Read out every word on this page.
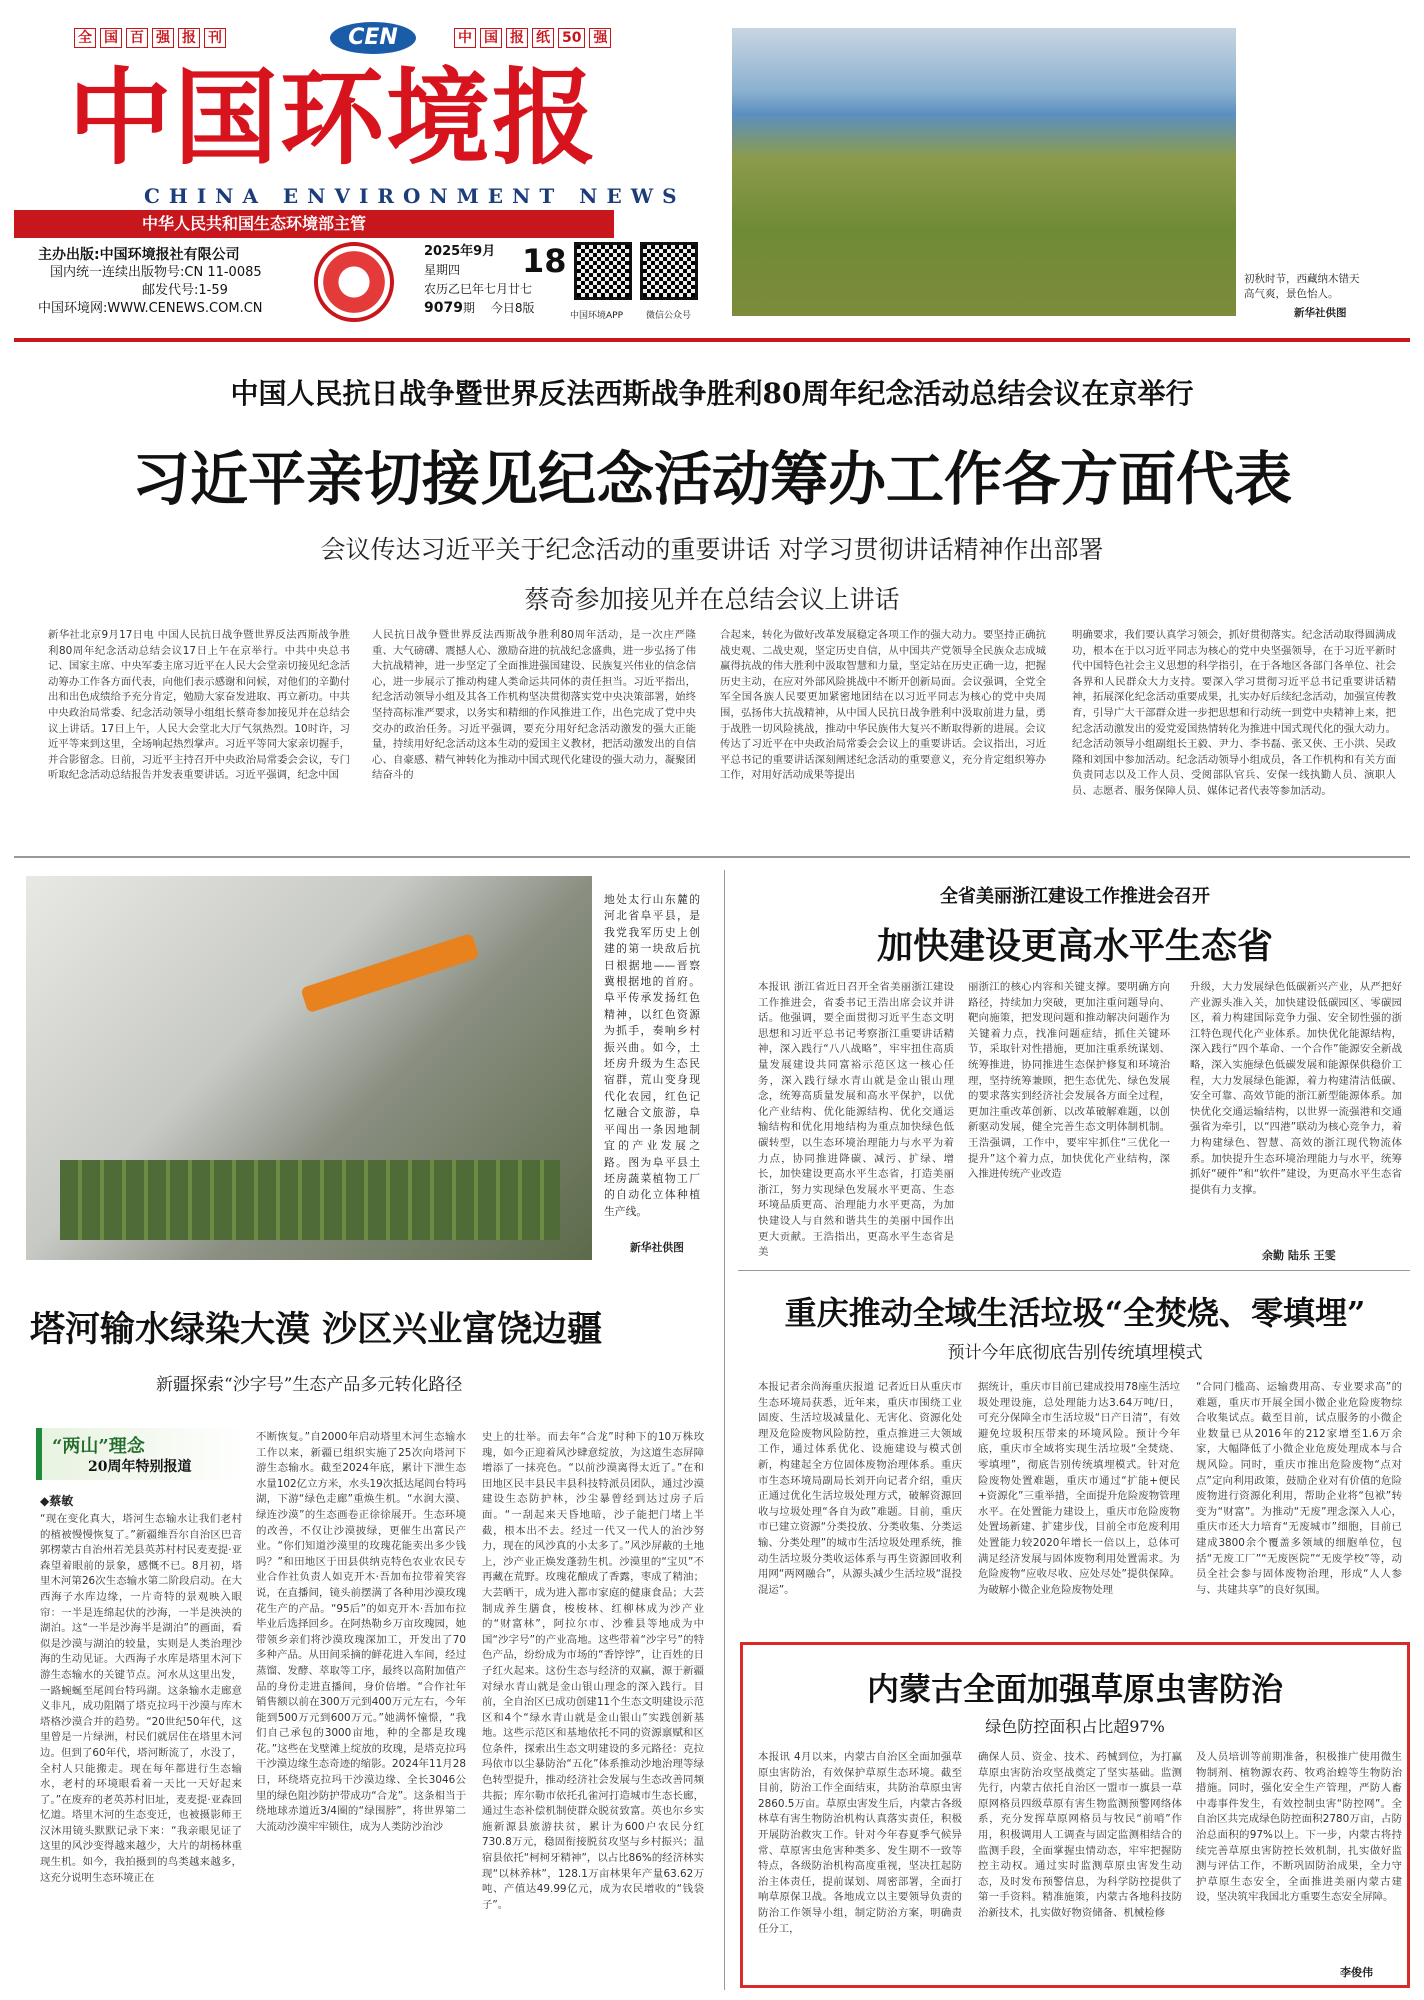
全 国 百 强 报 刊	CEN	中 国 报 纸 50 强
中国环境报
CHINA ENVIRONMENT NEWS
中华人民共和国生态环境部主管
主办出版:中国环境报社有限公司
国内统一连续出版物号:CN 11-0085
邮发代号:1-59
中国环境网:WWW.CENEWS.COM.CN
2025年9月 18
星期四
农历乙巳年七月廿七
9079期 今日8版
中国环境APP	微信公众号
初秋时节，西藏纳木错天高气爽，景色怡人。
新华社供图
中国人民抗日战争暨世界反法西斯战争胜利80周年纪念活动总结会议在京举行
习近平亲切接见纪念活动筹办工作各方面代表
会议传达习近平关于纪念活动的重要讲话 对学习贯彻讲话精神作出部署
蔡奇参加接见并在总结会议上讲话
新华社北京9月17日电 中国人民抗日战争暨世界反法西斯战争胜利80周年纪念活动总结会议17日上午在京举行。中共中央总书记、国家主席、中央军委主席习近平在人民大会堂亲切接见纪念活动筹办工作各方面代表，向他们表示感谢和问候，对他们的辛勤付出和出色成绩给予充分肯定，勉励大家奋发进取、再立新功。中共中央政治局常委、纪念活动领导小组组长蔡奇参加接见并在总结会议上讲话。17日上午，人民大会堂北大厅气氛热烈。10时许，习近平等来到这里，全场响起热烈掌声。习近平等同大家亲切握手，并合影留念。日前，习近平主持召开中央政治局常委会会议，专门听取纪念活动总结报告并发表重要讲话。习近平强调，纪念中国
人民抗日战争暨世界反法西斯战争胜利80周年活动，是一次庄严隆重、大气磅礴、震撼人心、激励奋进的抗战纪念盛典，进一步弘扬了伟大抗战精神，进一步坚定了全面推进强国建设、民族复兴伟业的信念信心，进一步展示了推动构建人类命运共同体的责任担当。习近平指出，纪念活动领导小组及其各工作机构坚决贯彻落实党中央决策部署，始终坚持高标准严要求，以务实和精细的作风推进工作，出色完成了党中央交办的政治任务。习近平强调，要充分用好纪念活动激发的强大正能量，持续用好纪念活动这本生动的爱国主义教材，把活动激发出的自信心、自豪感、精气神转化为推动中国式现代化建设的强大动力，凝聚团结奋斗的
合起来，转化为做好改革发展稳定各项工作的强大动力。要坚持正确抗战史观、二战史观，坚定历史自信，从中国共产党领导全民族众志成城赢得抗战的伟大胜利中汲取智慧和力量，坚定站在历史正确一边，把握历史主动，在应对外部风险挑战中不断开创新局面。会议强调，全党全军全国各族人民要更加紧密地团结在以习近平同志为核心的党中央周围，弘扬伟大抗战精神，从中国人民抗日战争胜利中汲取前进力量，勇于战胜一切风险挑战，推动中华民族伟大复兴不断取得新的进展。会议传达了习近平在中央政治局常委会会议上的重要讲话。会议指出，习近平总书记的重要讲话深刻阐述纪念活动的重要意义，充分肯定组织筹办工作，对用好活动成果等提出
明确要求，我们要认真学习领会，抓好贯彻落实。纪念活动取得圆满成功，根本在于以习近平同志为核心的党中央坚强领导，在于习近平新时代中国特色社会主义思想的科学指引，在于各地区各部门各单位、社会各界和人民群众大力支持。要深入学习贯彻习近平总书记重要讲话精神，拓展深化纪念活动重要成果，扎实办好后续纪念活动，加强宣传教育，引导广大干部群众进一步把思想和行动统一到党中央精神上来，把纪念活动激发出的爱党爱国热情转化为推进中国式现代化的强大动力。纪念活动领导小组副组长王毅、尹力、李书磊、张又侠、王小洪、吴政隆和刘国中参加活动。纪念活动领导小组成员，各工作机构和有关方面负责同志以及工作人员、受阅部队官兵、安保一线执勤人员、演职人员、志愿者、服务保障人员、媒体记者代表等参加活动。
地处太行山东麓的河北省阜平县，是我党我军历史上创建的第一块敌后抗日根据地——晋察冀根据地的首府。阜平传承发扬红色精神，以红色资源为抓手，奏响乡村振兴曲。如今，土坯房升级为生态民宿群，荒山变身现代化农园，红色记忆融合文旅游，阜平闯出一条因地制宜的产业发展之路。图为阜平县土坯房蔬菜植物工厂的自动化立体种植生产线。
新华社供图
全省美丽浙江建设工作推进会召开
加快建设更高水平生态省
本报讯 浙江省近日召开全省美丽浙江建设工作推进会，省委书记王浩出席会议并讲话。他强调，要全面贯彻习近平生态文明思想和习近平总书记考察浙江重要讲话精神，深入践行“八八战略”，牢牢扭住高质量发展建设共同富裕示范区这一核心任务，深入践行绿水青山就是金山银山理念，统筹高质量发展和高水平保护，以优化产业结构、优化能源结构、优化交通运输结构和优化用地结构为重点加快绿色低碳转型，以生态环境治理能力与水平为着力点，协同推进降碳、减污、扩绿、增长，加快建设更高水平生态省，打造美丽浙江，努力实现绿色发展水平更高、生态环境品质更高、治理能力水平更高，为加快建设人与自然和谐共生的美丽中国作出更大贡献。王浩指出，更高水平生态省是美
丽浙江的核心内容和关键支撑。要明确方向路径，持续加力突破，更加注重问题导向、靶向施策，把发现问题和推动解决问题作为关键着力点，找准问题症结，抓住关键环节，采取针对性措施，更加注重系统谋划、统筹推进，协同推进生态保护修复和环境治理，坚持统筹兼顾，把生态优先、绿色发展的要求落实到经济社会发展各方面全过程，更加注重改革创新、以改革破解难题，以创新驱动发展，健全完善生态文明体制机制。王浩强调，工作中，要牢牢抓住“三优化一提升”这个着力点，加快优化产业结构，深入推进传统产业改造
升级，大力发展绿色低碳新兴产业，从严把好产业源头准入关，加快建设低碳园区、零碳园区，着力构建国际竞争力强、安全韧性强的浙江特色现代化产业体系。加快优化能源结构，深入践行“四个革命、一个合作”能源安全新战略，深入实施绿色低碳发展和能源保供稳价工程，大力发展绿色能源，着力构建清洁低碳、安全可靠、高效节能的浙江新型能源体系。加快优化交通运输结构，以世界一流强港和交通强省为牵引，以“四港”联动为核心竞争力，着力构建绿色、智慧、高效的浙江现代物流体系。加快提升生态环境治理能力与水平，统筹抓好“硬件”和“软件”建设，为更高水平生态省提供有力支撑。
余勤 陆乐 王雯
重庆推动全域生活垃圾“全焚烧、零填埋”
预计今年底彻底告别传统填埋模式
本报记者余尚海重庆报道 记者近日从重庆市生态环境局获悉，近年来，重庆市围绕工业固废、生活垃圾减量化、无害化、资源化处理及危险废物风险防控，重点推进三大领域工作，通过体系优化、设施建设与模式创新，构建起全方位固体废物治理体系。重庆市生态环境局副局长刘开向记者介绍，重庆正通过优化生活垃圾处理方式，破解资源回收与垃圾处理“各自为政”难题。目前，重庆市已建立资源“分类投放、分类收集、分类运输、分类处理”的城市生活垃圾处理系统，推动生活垃圾分类收运体系与再生资源回收利用网“两网融合”，从源头减少生活垃圾“混投混运”。
据统计，重庆市目前已建成投用78座生活垃圾处理设施，总处理能力达3.64万吨/日，可充分保障全市生活垃圾“日产日清”，有效避免垃圾积压带来的环境风险。预计今年底，重庆市全域将实现生活垃圾“全焚烧、零填埋”，彻底告别传统填埋模式。针对危险废物处置难题，重庆市通过“扩能+便民+资源化”三重举措，全面提升危险废物管理水平。在处置能力建设上，重庆市危险废物处置场新建、扩建步伐，目前全市危废利用处置能力较2020年增长一倍以上，总体可满足经济发展与固体废物利用处置需求。为危险废物“应收尽收、应处尽处”提供保障。为破解小微企业危险废物处理
“合同门槛高、运输费用高、专业要求高”的难题，重庆市开展全国小微企业危险废物综合收集试点。截至目前，试点服务的小微企业数量已从2016年的212家增至1.6万余家，大幅降低了小微企业危废处理成本与合规风险。同时，重庆市推出危险废物“点对点”定向利用政策，鼓励企业对有价值的危险废物进行资源化利用，帮助企业将“包袱”转变为“财富”。为推动“无废”理念深入人心，重庆市还大力培育“无废城市”细胞，目前已建成3800余个覆盖多领域的细胞单位，包括“无废工厂”“无废医院”“无废学校”等，动员全社会参与固体废物治理，形成“人人参与、共建共享”的良好氛围。
内蒙古全面加强草原虫害防治
绿色防控面积占比超97%
本报讯 4月以来，内蒙古自治区全面加强草原虫害防治，有效保护草原生态环境。截至目前，防治工作全面结束，共防治草原虫害2860.5万亩。草原虫害发生后，内蒙古各级林草有害生物防治机构认真落实责任，积极开展防治救灾工作。针对今年春夏季气候异常、草原害虫危害种类多、发生期不一致等特点，各级防治机构高度重视，坚决扛起防治主体责任，提前谋划、周密部署，全面打响草原保卫战。各地成立以主要领导负责的防治工作领导小组，制定防治方案，明确责任分工，
确保人员、资金、技术、药械到位，为打赢草原虫害防治攻坚战奠定了坚实基础。监测先行，内蒙古依托自治区一盟市一旗县一草原网格员四级草原有害生物监测预警网络体系，充分发挥草原网格员与牧民“前哨”作用，积极调用人工调查与固定监测相结合的监测手段，全面掌握虫情动态，牢牢把握防控主动权。通过实时监测草原虫害发生动态，及时发布预警信息，为科学防控提供了第一手资料。精准施策，内蒙古各地科技防治新技术，扎实做好物资储备、机械检修
及人员培训等前期准备，积极推广使用微生物制剂、植物源农药、牧鸡治蝗等生物防治措施。同时，强化安全生产管理，严防人畜中毒事件发生，有效控制虫害“防控网”。全自治区共完成绿色防控面积2780万亩，占防治总面积的97%以上。下一步，内蒙古将持续完善草原虫害防控长效机制，扎实做好监测与评估工作，不断巩固防治成果，全力守护草原生态安全，全面推进美丽内蒙古建设，坚决筑牢我国北方重要生态安全屏障。
李俊伟
塔河输水绿染大漠 沙区兴业富饶边疆
新疆探索“沙字号”生态产品多元转化路径
“两山”理念
20周年特别报道
◆蔡敏
“现在变化真大，塔河生态输水让我们老村的植被慢慢恢复了。”新疆维吾尔自治区巴音郭楞蒙古自治州若羌县英苏村村民麦麦提·亚森望着眼前的景象，感慨不已。8月初，塔里木河第26次生态输水第二阶段启动。在大西海子水库边缘，一片奇特的景观映入眼帘：一半是连绵起伏的沙海，一半是泱泱的湖泊。这“一半是沙海半是湖泊”的画面，看似是沙漠与湖泊的较量，实则是人类治理沙海的生动见证。大西海子水库是塔里木河下游生态输水的关键节点。河水从这里出发，一路蜿蜒至尾闾台特玛湖。这条输水走廊意义非凡，成功阻隔了塔克拉玛干沙漠与库木塔格沙漠合并的趋势。“20世纪50年代，这里曾是一片绿洲，村民们就居住在塔里木河边。但到了60年代，塔河断流了，水没了，全村人只能搬走。现在每年都进行生态输水，老村的环境眼看着一天比一天好起来了。”在废弃的老英苏村旧址，麦麦提·亚森回忆道。塔里木河的生态变迁，也被摄影师王汉沐用镜头默默记录下来：“我亲眼见证了这里的风沙变得越来越少，大片的胡杨林重现生机。如今，我拍摄到的鸟类越来越多，这充分说明生态环境正在
不断恢复。”自2000年启动塔里木河生态输水工作以来，新疆已组织实施了25次向塔河下游生态输水。截至2024年底，累计下泄生态水量102亿立方米，水头19次抵达尾闾台特玛湖，下游“绿色走廊”重焕生机。“水润大漠、绿连沙漠”的生态画卷正徐徐展开。生态环境的改善，不仅让沙漠披绿，更催生出富民产业。“你们知道沙漠里的玫瑰花能卖出多少钱吗？”和田地区于田县供纳克特色农业农民专业合作社负责人如克开木·吾加布拉带着笑容说，在直播间，镜头前摆满了各种用沙漠玫瑰花生产的产品。“95后”的如克开木·吾加布拉毕业后选择回乡。在阿热勒乡万亩玫瑰园，她带领乡亲们将沙漠玫瑰深加工，开发出了70多种产品。从田间采摘的鲜花进入车间，经过蒸馏、发酵、萃取等工序，最终以高附加值产品的身份走进直播间，身价倍增。“合作社年销售额以前在300万元到400万元左右，今年能到500万元到600万元。”她满怀憧憬，“我们自己承包的3000亩地，种的全都是玫瑰花。”这些在戈壁滩上绽放的玫瑰，是塔克拉玛干沙漠边缘生态奇迹的缩影。2024年11月28日，环绕塔克拉玛干沙漠边缘、全长3046公里的绿色阻沙防护带成功“合龙”。这条相当于绕地球赤道近3/4圈的“绿围脖”，将世界第二大流动沙漠牢牢锁住，成为人类防沙治沙
史上的壮举。而去年“合龙”时种下的10万株玫瑰，如今正迎着风沙肆意绽放，为这道生态屏障增添了一抹亮色。“以前沙漠离得太近了。”在和田地区民丰县民丰县科技特派员团队，通过沙漠建设生态防护林，沙尘暴曾经到达过房子后面。“一刮起来天昏地暗，沙子能把门堵上半截，根本出不去。经过一代又一代人的治沙努力，现在的风沙真的小太多了。”风沙屏蔽的土地上，沙产业正焕发蓬勃生机。沙漠里的“宝贝”不再藏在荒野。玫瑰花酿成了香露，枣成了精油；大芸晒干，成为进入都市家庭的健康食品；大芸制成养生膳食，梭梭林、红柳林成为沙产业的“财富林”，阿拉尔市、沙雅县等地成为中国“沙字号”的产业高地。这些带着“沙字号”的特色产品，纷纷成为市场的“香饽饽”，让百姓的日子红火起来。这份生态与经济的双赢，源于新疆对绿水青山就是金山银山理念的深入践行。目前，全自治区已成功创建11个生态文明建设示范区和4个“绿水青山就是金山银山”实践创新基地。这些示范区和基地依托不同的资源禀赋和区位条件，探索出生态文明建设的多元路径：克拉玛依市以尘暴防治“五化”体系推动沙地治理等绿色转型提升，推动经济社会发展与生态改善同频共振；库尔勒市依托孔雀河打造城市生态长廊，通过生态补偿机制使群众脱贫致富。英也尔乡实施新源县旅游扶贫，累计为600户农民分红730.8万元，稳固衔接脱贫攻坚与乡村振兴；温宿县依托“柯柯牙精神”，以占比86%的经济林实现“以林养林”，128.1万亩林果年产量63.62万吨、产值达49.99亿元，成为农民增收的“钱袋子”。
